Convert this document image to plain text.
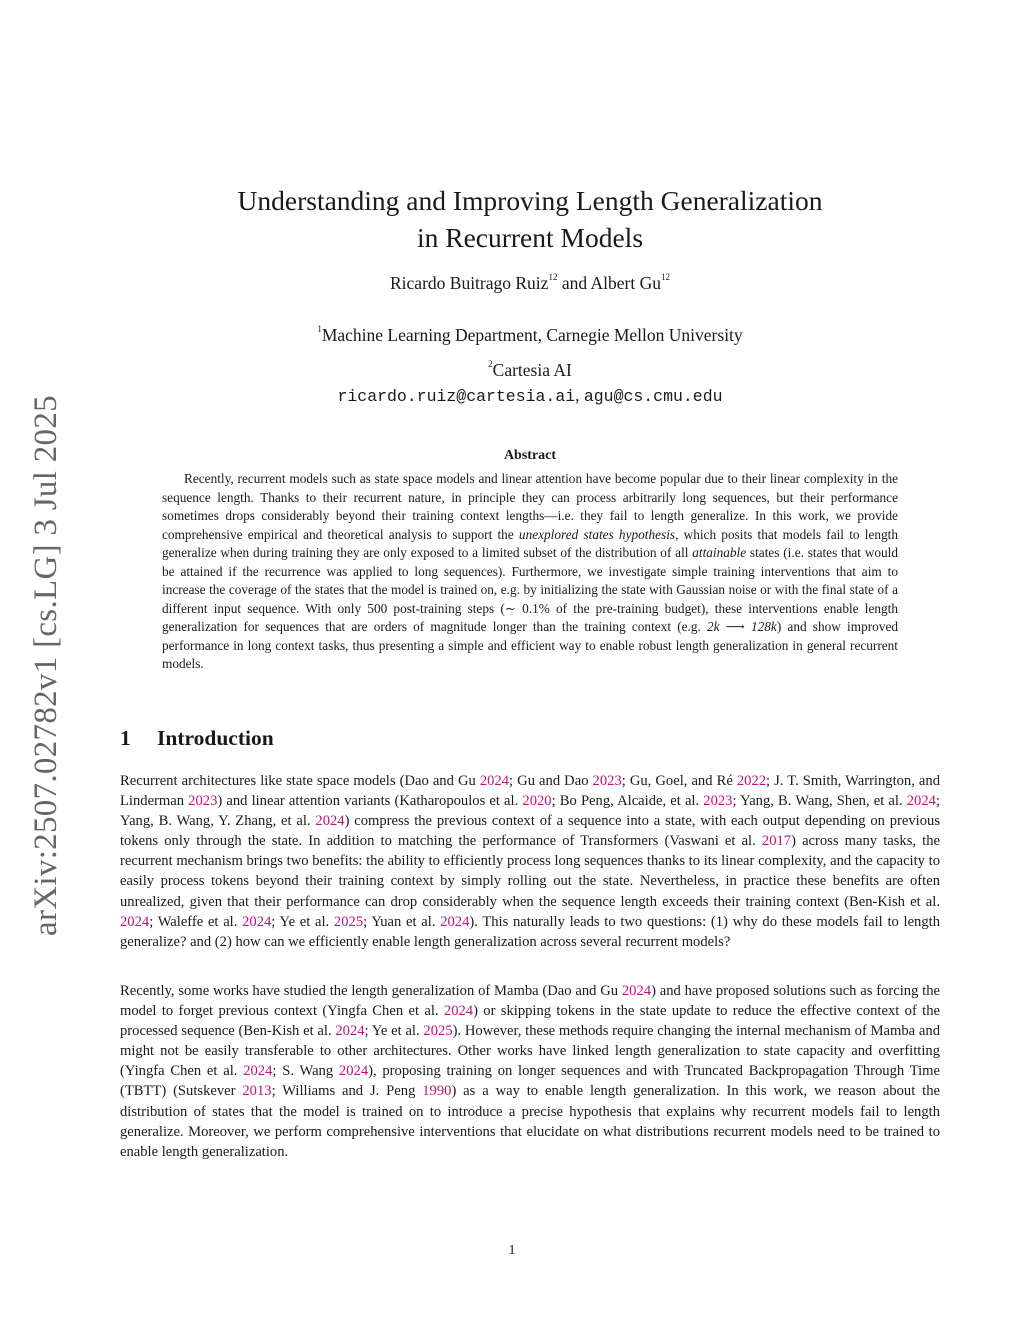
arXiv:2507.02782v1 [cs.LG] 3 Jul 2025
Understanding and Improving Length Generalization
in Recurrent Models
Ricardo Buitrago Ruiz$^{12}$ and Albert Gu$^{12}$
$^1$Machine Learning Department, Carnegie Mellon University
$^2$Cartesia AI
ricardo.ruiz@cartesia.ai, agu@cs.cmu.edu
Abstract

Recently, recurrent models such as state space models and linear attention have become popular due to their linear complexity in the sequence length. Thanks to their recurrent nature, in principle they can process arbitrarily long sequences, but their performance sometimes drops considerably beyond their training context lengths—i.e. they fail to length generalize. In this work, we provide comprehensive empirical and theoretical analysis to support the unexplored states hypothesis, which posits that models fail to length generalize when during training they are only exposed to a limited subset of the distribution of all attainable states (i.e. states that would be attained if the recurrence was applied to long sequences). Furthermore, we investigate simple training interventions that aim to increase the coverage of the states that the model is trained on, e.g. by initializing the state with Gaussian noise or with the final state of a different input sequence. With only 500 post-training steps (∼ 0.1% of the pre-training budget), these interventions enable length generalization for sequences that are orders of magnitude longer than the training context (e.g. 2k ⟶ 128k) and show improved performance in long context tasks, thus presenting a simple and efficient way to enable robust length generalization in general recurrent models.

1 Introduction

Recurrent architectures like state space models (Dao and Gu 2024; Gu and Dao 2023; Gu, Goel, and Ré 2022; J. T. Smith, Warrington, and Linderman 2023) and linear attention variants (Katharopoulos et al. 2020; Bo Peng, Alcaide, et al. 2023; Yang, B. Wang, Shen, et al. 2024; Yang, B. Wang, Y. Zhang, et al. 2024) compress the previous context of a sequence into a state, with each output depending on previous tokens only through the state. In addition to matching the performance of Transformers (Vaswani et al. 2017) across many tasks, the recurrent mechanism brings two benefits: the ability to efficiently process long sequences thanks to its linear complexity, and the capacity to easily process tokens beyond their training context by simply rolling out the state. Nevertheless, in practice these benefits are often unrealized, given that their performance can drop considerably when the sequence length exceeds their training context (Ben-Kish et al. 2024; Waleffe et al. 2024; Ye et al. 2025; Yuan et al. 2024). This naturally leads to two questions: (1) why do these models fail to length generalize? and (2) how can we efficiently enable length generalization across several recurrent models?

Recently, some works have studied the length generalization of Mamba (Dao and Gu 2024) and have proposed solutions such as forcing the model to forget previous context (Yingfa Chen et al. 2024) or skipping tokens in the state update to reduce the effective context of the processed sequence (Ben-Kish et al. 2024; Ye et al. 2025). However, these methods require changing the internal mechanism of Mamba and might not be easily transferable to other architectures. Other works have linked length generalization to state capacity and overfitting (Yingfa Chen et al. 2024; S. Wang 2024), proposing training on longer sequences and with Truncated Backpropagation Through Time (TBTT) (Sutskever 2013; Williams and J. Peng 1990) as a way to enable length generalization. In this work, we reason about the distribution of states that the model is trained on to introduce a precise hypothesis that explains why recurrent models fail to length generalize. Moreover, we perform comprehensive interventions that elucidate on what distributions recurrent models need to be trained to enable length generalization.

1
